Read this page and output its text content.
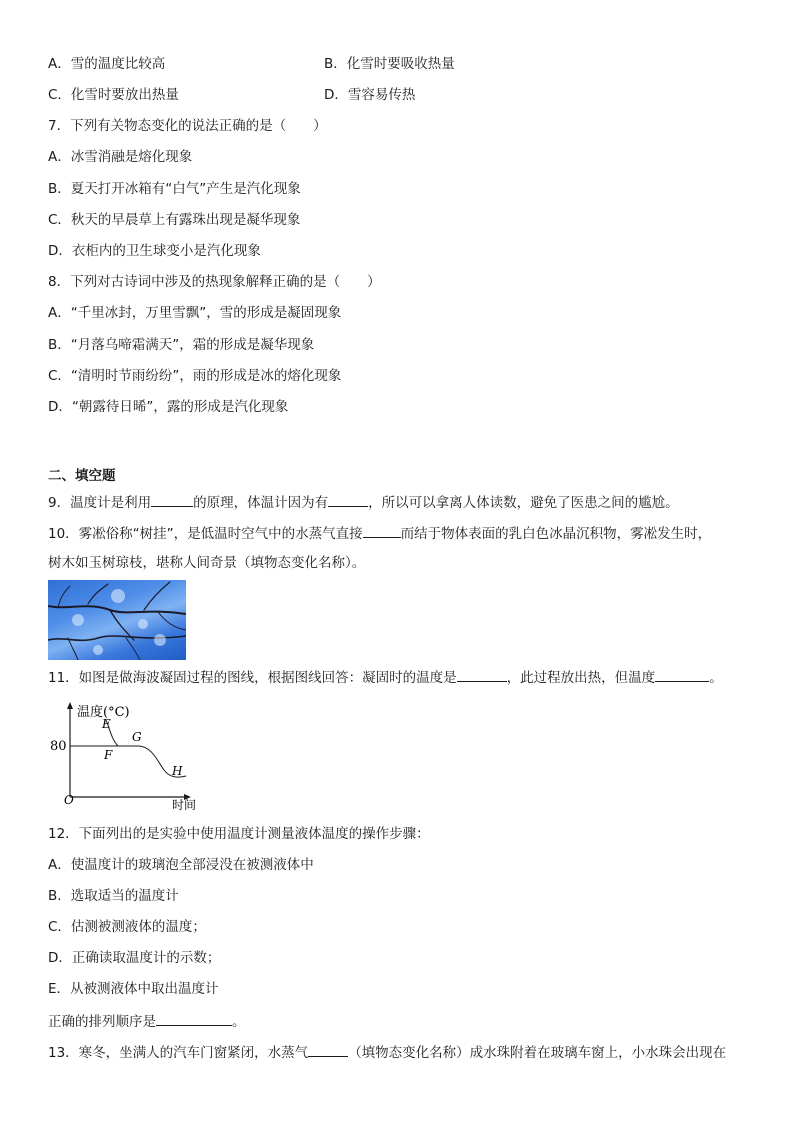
A．雪的温度比较高	B．化雪时要吸收热量
C．化雪时要放出热量	D．雪容易传热
7．下列有关物态变化的说法正确的是（　　）
A．冰雪消融是熔化现象
B．夏天打开冰箱有“白气”产生是汽化现象
C．秋天的早晨草上有露珠出现是凝华现象
D．衣柜内的卫生球变小是汽化现象
8．下列对古诗词中涉及的热现象解释正确的是（　　）
A．“千里冰封，万里雪飘”，雪的形成是凝固现象
B．“月落乌啼霜满天”，霜的形成是凝华现象
C．“清明时节雨纷纷”，雨的形成是冰的熔化现象
D．“朝露待日晞”，露的形成是汽化现象
二、填空题
9．温度计是利用	的原理，体温计因为有	，所以可以拿离人体读数，避免了医患之间的尴尬。
10．雾凇俗称“树挂”，是低温时空气中的水蒸气直接	而结于物体表面的乳白色冰晶沉积物，雾凇发生时，
树木如玉树琼枝，堪称人间奇景（填物态变化名称）。
11．如图是做海波凝固过程的图线，根据图线回答：凝固时的温度是	，此过程放出热，但温度	。
温度(°C)
80
E
F
G
H
O	时间
12．下面列出的是实验中使用温度计测量液体温度的操作步骤：
A．使温度计的玻璃泡全部浸没在被测液体中
B．选取适当的温度计
C．估测被测液体的温度；
D．正确读取温度计的示数；
E．从被测液体中取出温度计
正确的排列顺序是	。
13．寒冬，坐满人的汽车门窗紧闭，水蒸气	（填物态变化名称）成水珠附着在玻璃车窗上，小水珠会出现在
